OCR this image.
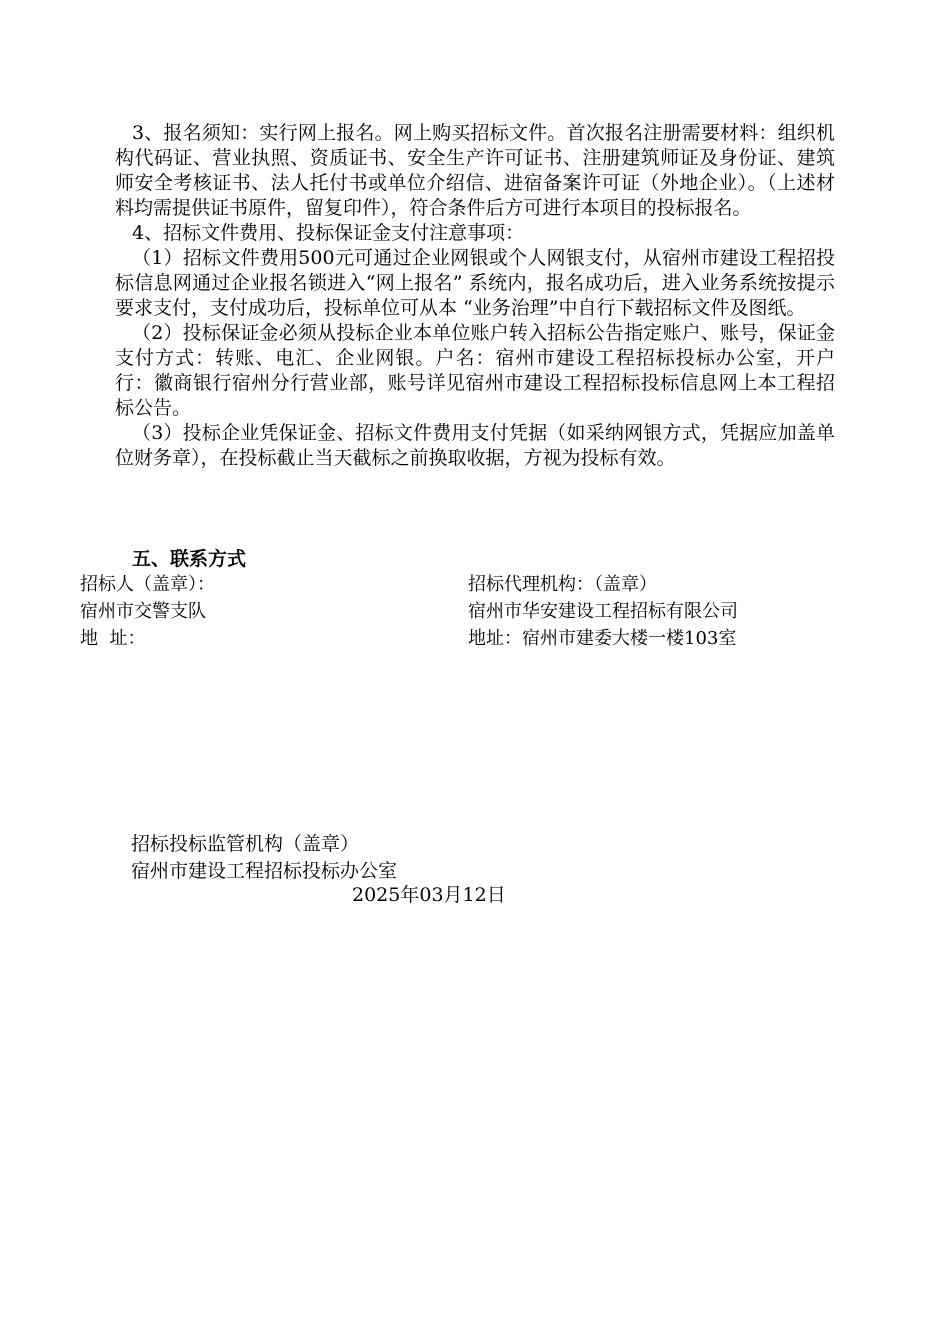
3、报名须知：实行网上报名。网上购买招标文件。首次报名注册需要材料：组织机构代码证、营业执照、资质证书、安全生产许可证书、注册建筑师证及身份证、建筑师安全考核证书、法人托付书或单位介绍信、进宿备案许可证（外地企业）。（上述材料均需提供证书原件，留复印件），符合条件后方可进行本项目的投标报名。

4、招标文件费用、投标保证金支付注意事项：

（1）招标文件费用500元可通过企业网银或个人网银支付，从宿州市建设工程招投标信息网通过企业报名锁进入“网上报名” 系统内，报名成功后，进入业务系统按提示要求支付，支付成功后，投标单位可从本 “业务治理”中自行下载招标文件及图纸。

（2）投标保证金必须从投标企业本单位账户转入招标公告指定账户、账号，保证金支付方式：转账、电汇、企业网银。户名：宿州市建设工程招标投标办公室，开户行：徽商银行宿州分行营业部，账号详见宿州市建设工程招标投标信息网上本工程招标公告。

（3）投标企业凭保证金、招标文件费用支付凭据（如采纳网银方式，凭据应加盖单位财务章），在投标截止当天截标之前换取收据，方视为投标有效。

五、联系方式
招标人（盖章）：
宿州市交警支队
地  址：
招标代理机构：（盖章）
宿州市华安建设工程招标有限公司
地址：宿州市建委大楼一楼103室
招标投标监管机构（盖章）
宿州市建设工程招标投标办公室
2025年03月12日
